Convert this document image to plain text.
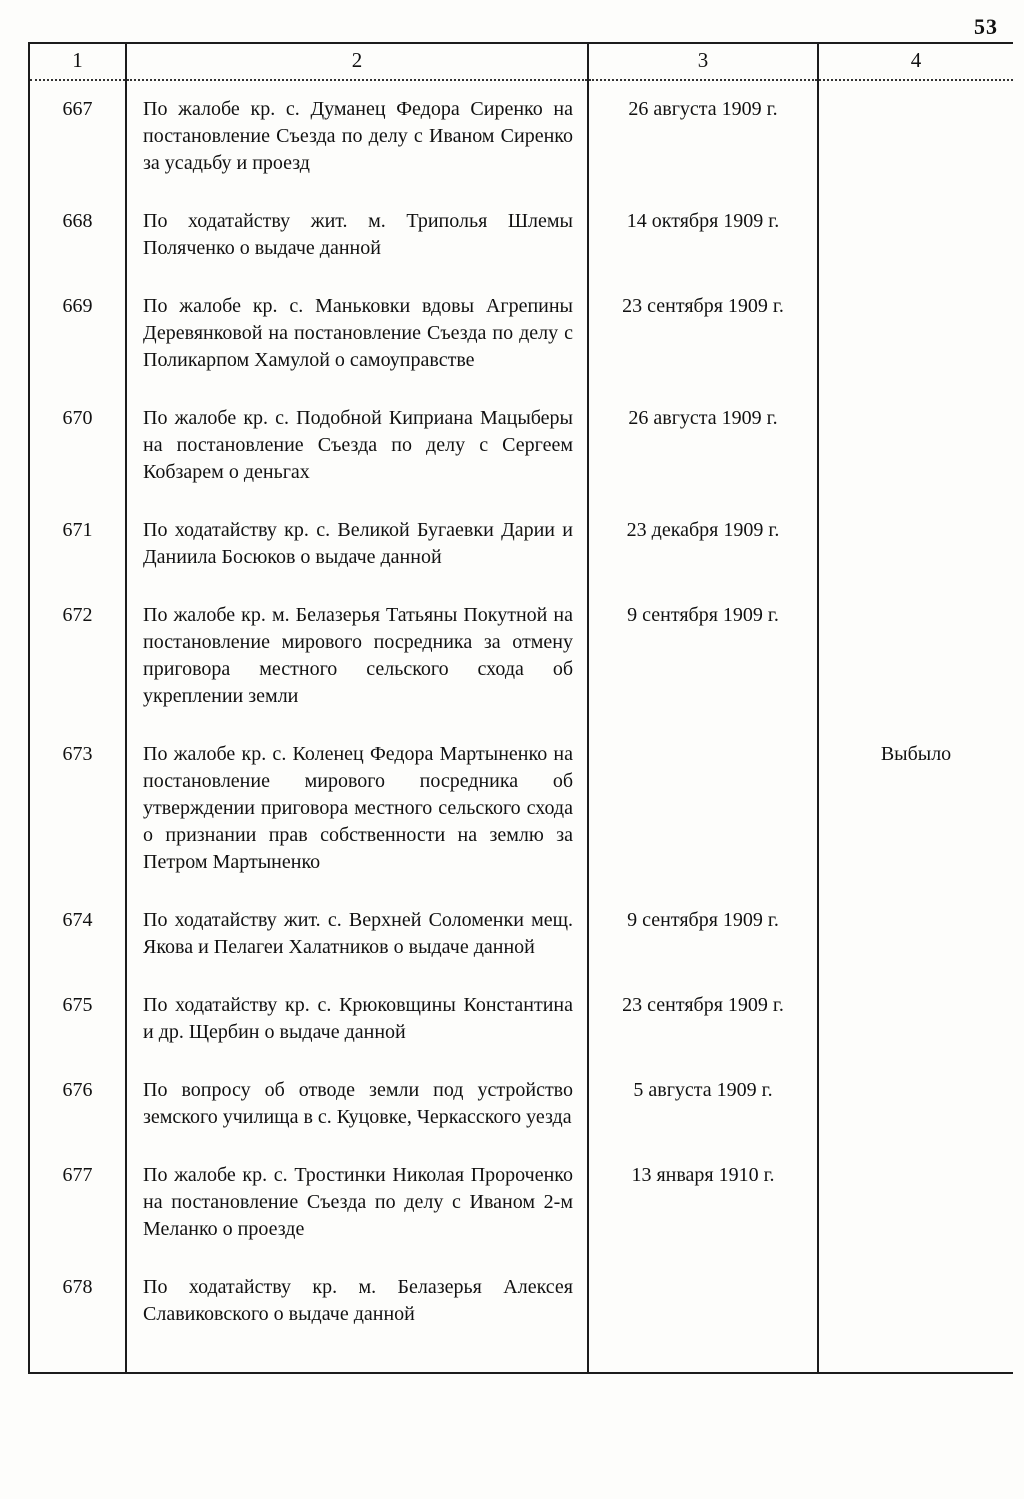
53
1	2	3	4
667	По жалобе кр. с. Думанец Федора Сиренко на постановление Съезда по делу с Иваном Сиренко за усадьбу и проезд	26 августа 1909 г.	
668	По ходатайству жит. м. Триполья Шлемы Поляченко о выдаче данной	14 октября 1909 г.	
669	По жалобе кр. с. Маньковки вдовы Агрепины Деревянковой на постановление Съезда по делу с Поликарпом Хамулой о самоуправстве	23 сентября 1909 г.	
670	По жалобе кр. с. Подобной Киприана Мацыберы на постановление Съезда по делу с Сергеем Кобзарем о деньгах	26 августа 1909 г.	
671	По ходатайству кр. с. Великой Бугаевки Дарии и Даниила Босюков о выдаче данной	23 декабря 1909 г.	
672	По жалобе кр. м. Белазерья Татьяны Покутной на постановление мирового посредника за отмену приговора местного сельского схода об укреплении земли	9 сентября 1909 г.	
673	По жалобе кр. с. Коленец Федора Мартыненко на постановление мирового посредника об утверждении приговора местного сельского схода о признании прав собственности на землю за Петром Мартыненко		Выбыло
674	По ходатайству жит. с. Верхней Соломенки мещ. Якова и Пелагеи Халатников о выдаче данной	9 сентября 1909 г.	
675	По ходатайству кр. с. Крюковщины Константина и др. Щербин о выдаче данной	23 сентября 1909 г.	
676	По вопросу об отводе земли под устройство земского училища в с. Куцовке, Черкасского уезда	5 августа 1909 г.	
677	По жалобе кр. с. Тростинки Николая Пророченко на постановление Съезда по делу с Иваном 2-м Меланко о проезде	13 января 1910 г.	
678	По ходатайству кр. м. Белазерья Алексея Славиковского о выдаче данной		
